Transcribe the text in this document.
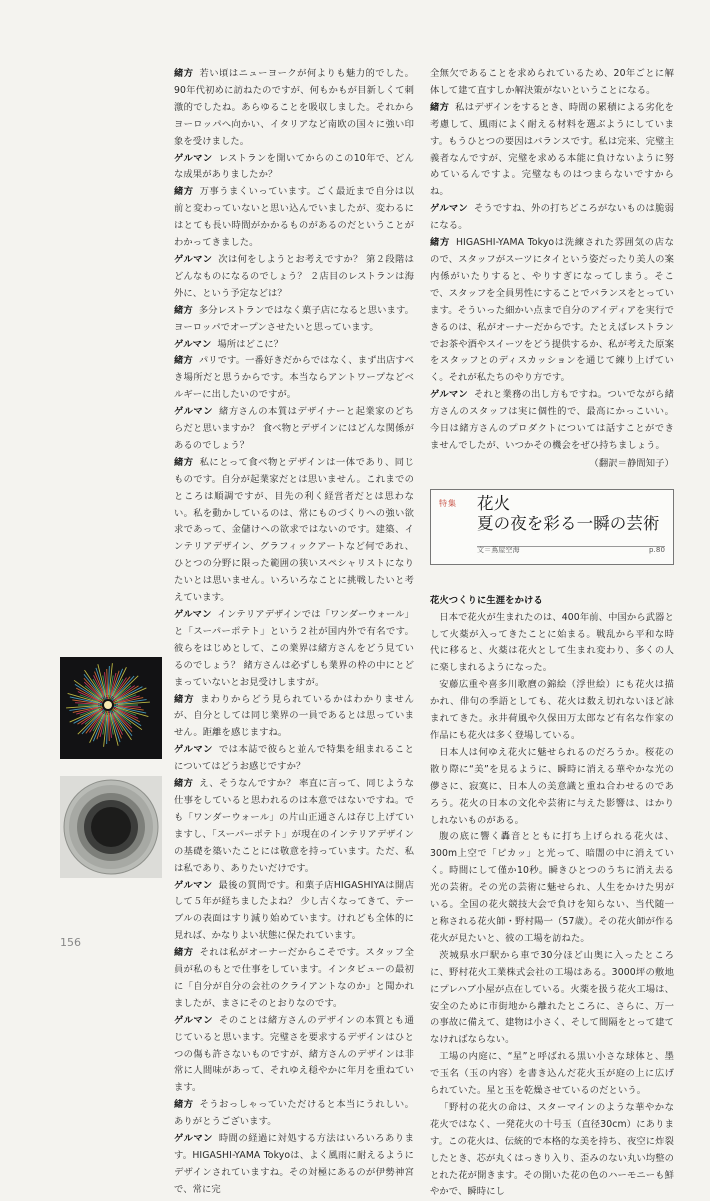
緒方 若い頃はニューヨークが何よりも魅力的でした。90年代初めに訪ねたのですが、何もかもが目新しくて刺激的でしたね。あらゆることを吸収しました。それからヨーロッパへ向かい、イタリアなど南欧の国々に強い印象を受けました。

ゲルマン レストランを開いてからのこの10年で、どんな成果がありましたか？

緒方 万事うまくいっています。ごく最近まで自分は以前と変わっていないと思い込んでいましたが、変わるにはとても長い時間がかかるものがあるのだということがわかってきました。

ゲルマン 次は何をしようとお考えですか？ 第２段階はどんなものになるのでしょう？ ２店目のレストランは海外に、という予定などは？

緒方 多分レストランではなく菓子店になると思います。ヨーロッパでオープンさせたいと思っています。

ゲルマン 場所はどこに？

緒方 パリです。一番好きだからではなく、まず出店すべき場所だと思うからです。本当ならアントワープなどベルギーに出したいのですが。

ゲルマン 緒方さんの本質はデザイナーと起業家のどちらだと思いますか？ 食べ物とデザインにはどんな関係があるのでしょう？

緒方 私にとって食べ物とデザインは一体であり、同じものです。自分が起業家だとは思いません。これまでのところは順調ですが、目先の利く経営者だとは思わない。私を動かしているのは、常にものづくりへの強い欲求であって、金儲けへの欲求ではないのです。建築、インテリアデザイン、グラフィックアートなど何であれ、ひとつの分野に限った範囲の狭いスペシャリストになりたいとは思いません。いろいろなことに挑戦したいと考えています。

ゲルマン インテリアデザインでは「ワンダーウォール」と「スーパーポテト」という２社が国内外で有名です。彼らをはじめとして、この業界は緒方さんをどう見ているのでしょう？ 緒方さんは必ずしも業界の枠の中にとどまっていないとお見受けしますが。

緒方 まわりからどう見られているかはわかりませんが、自分としては同じ業界の一員であるとは思っていません。距離を感じますね。

ゲルマン では本誌で彼らと並んで特集を組まれることについてはどうお感じですか？

緒方 え、そうなんですか？ 率直に言って、同じような仕事をしていると思われるのは本意ではないですね。でも「ワンダーウォール」の片山正通さんは存じ上げていますし、「スーパーポテト」が現在のインテリアデザインの基礎を築いたことには敬意を持っています。ただ、私は私であり、ありたいだけです。

ゲルマン 最後の質問です。和菓子店HIGASHIYAは開店して５年が経ちましたよね？ 少し古くなってきて、テーブルの表面はすり減り始めています。けれども全体的に見れば、かなりよい状態に保たれています。

緒方 それは私がオーナーだからこそです。スタッフ全員が私のもとで仕事をしています。インタビューの最初に「自分が自分の会社のクライアントなのか」と聞かれましたが、まさにそのとおりなのです。

ゲルマン そのことは緒方さんのデザインの本質とも通じていると思います。完璧さを要求するデザインはひとつの傷も許さないものですが、緒方さんのデザインは非常に人間味があって、それゆえ穏やかに年月を重ねています。

緒方 そうおっしゃっていただけると本当にうれしい。ありがとうございます。

ゲルマン 時間の経過に対処する方法はいろいろあります。HIGASHI-YAMA Tokyoは、よく風雨に耐えるようにデザインされていますね。その対極にあるのが伊勢神宮で、常に完

全無欠であることを求められているため、20年ごとに解体して建て直すしか解決策がないということになる。

緒方 私はデザインをするとき、時間の累積による劣化を考慮して、風雨によく耐える材料を選ぶようにしています。もうひとつの要因はバランスです。私は完来、完璧主義者なんですが、完璧を求める本能に負けないように努めているんですよ。完璧なものはつまらないですからね。

ゲルマン そうですね、外の打ちどころがないものは脆弱になる。

緒方 HIGASHI-YAMA Tokyoは洗練された雰囲気の店なので、スタッフがスーツにタイという姿だったり美人の案内係がいたりすると、やりすぎになってしまう。そこで、スタッフを全員男性にすることでバランスをとっています。そういった細かい点まで自分のアイディアを実行できるのは、私がオーナーだからです。たとえばレストランでお茶や酒やスイーツをどう提供するか、私が考えた原案をスタッフとのディスカッションを通じて練り上げていく。それが私たちのやり方です。

ゲルマン それと業務の出し方もですね。ついでながら緒方さんのスタッフは実に個性的で、最高にかっこいい。今日は緒方さんのプロダクトについては話すことができませんでしたが、いつかその機会をぜひ持ちましょう。

（翻訳＝静間知子）

特集 花火
夏の夜を彩る一瞬の芸術
文＝蔦屋空海	p.80

花火つくりに生涯をかける

日本で花火が生まれたのは、400年前、中国から武器として火薬が入ってきたことに始まる。戦乱から平和な時代に移ると、火薬は花火として生まれ変わり、多くの人に楽しまれるようになった。

安藤広重や喜多川歌麿の錦絵（浮世絵）にも花火は描かれ、俳句の季語としても、花火は数え切れないほど詠まれてきた。永井荷風や久保田万太郎など有名な作家の作品にも花火は多く登場している。

日本人は何ゆえ花火に魅せられるのだろうか。桜花の散り際に“美”を見るように、瞬時に消える華やかな光の儚さに、寂寞に、日本人の美意識と重ね合わせるのであろう。花火の日本の文化や芸術に与えた影響は、はかりしれないものがある。

腹の底に響く轟音とともに打ち上げられる花火は、300m上空で「ピカッ」と光って、暗闇の中に消えていく。時間にして僅か10秒。瞬きひとつのうちに消え去る光の芸術。その光の芸術に魅せられ、人生をかけた男がいる。全国の花火競技大会で負けを知らない、当代随一と称される花火師・野村陽一（57歳）。その花火師が作る花火が見たいと、彼の工場を訪ねた。

茨城県水戸駅から車で30分ほど山奥に入ったところに、野村花火工業株式会社の工場はある。3000坪の敷地にプレハブ小屋が点在している。火薬を扱う花火工場は、安全のために市街地から離れたところに、さらに、万一の事故に備えて、建物は小さく、そして間隔をとって建てなければならない。

工場の内庭に、“星”と呼ばれる黒い小さな球体と、墨で玉名（玉の内容）を書き込んだ花火玉が庭の上に広げられていた。星と玉を乾燥させているのだという。

「野村の花火の命は、スターマインのような華やかな花火ではなく、一発花火の十号玉（直径30cm）にあります。この花火は、伝統的で本格的な美を持ち、夜空に炸裂したとき、芯が丸くはっきり入り、歪みのない丸い均整のとれた花が開きます。その開いた花の色のハーモニーも鮮やかで、瞬時にし

156
